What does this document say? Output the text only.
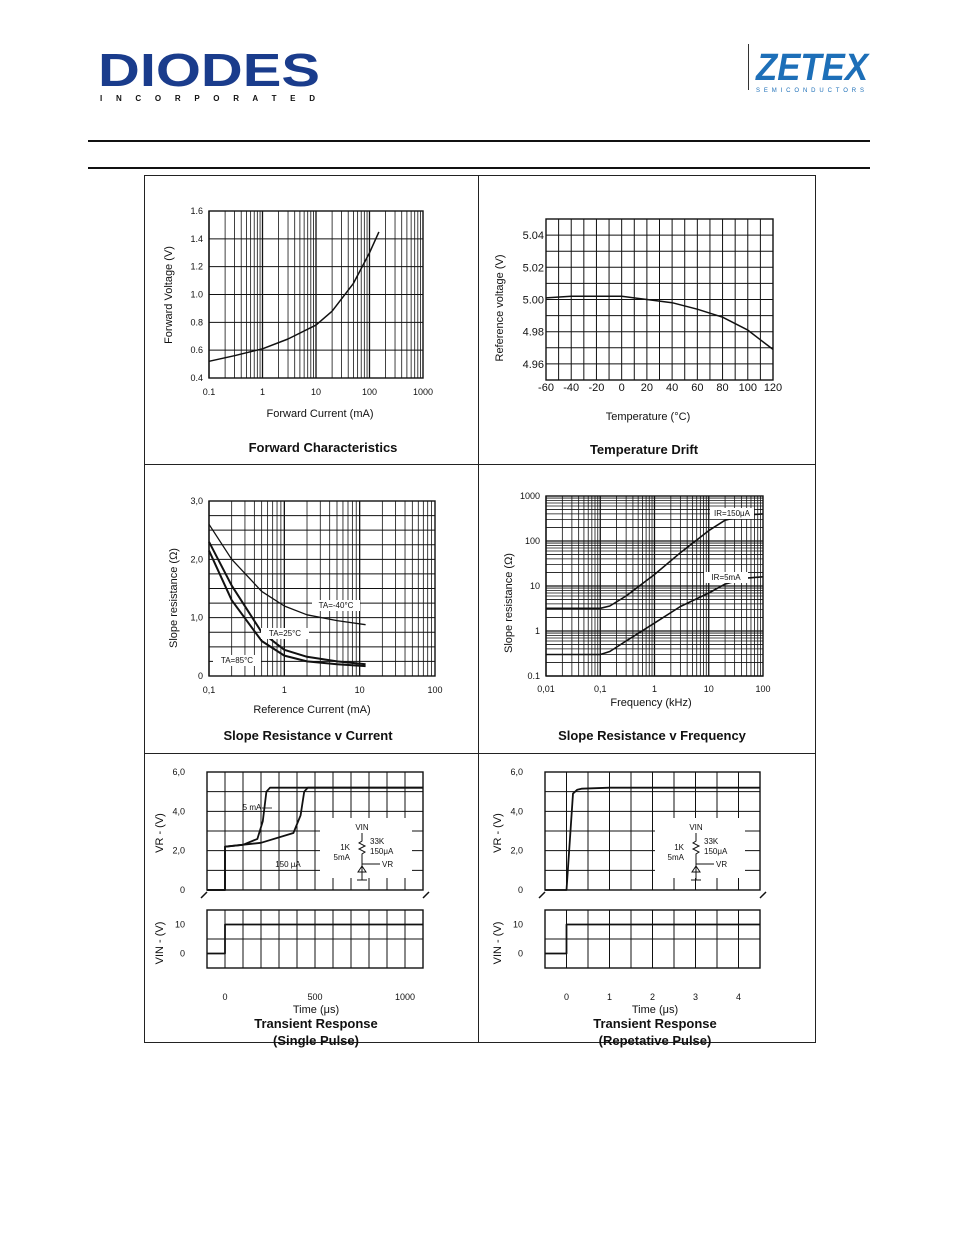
DIODES
I N C O R P O R A T E D
ZETEX
SEMICONDUCTORS
0.1	1	10	100	1000
0.4
0.6
0.8
1.0
1.2
1.4
1.6
Forward Current (mA)
Forward Voltage (V)
Forward Characteristics
-60 -40 -20 0 20 40 60 80 100 120
4.96
4.98
5.00
5.02
5.04
Temperature (°C)
Reference voltage (V)
Temperature Drift
0,1	1	10	100
0
1,0
2,0
3,0
TA=-40°C
TA=25°C
TA=85°C
Reference Current (mA)
Slope resistance (Ω)
Slope Resistance v Current
0,01	0,1	1	10	100
0.1
1
10
100
1000
IR=150μA
IR=5mA
Frequency (kHz)
Slope resistance (Ω)
Slope Resistance v Frequency
0	500	1000
0
2,0
4,0
6,0
0
10
VR - (V)
VIN - (V)
Time (μs)
Transient Response
(Single Pulse)
VIN
1K
5mA
33K
150μA
VR
5 mA
150 μA
0	1	2	3	4
0
2,0
4,0
6,0
0
10
VR - (V)
VIN - (V)
Time (μs)
Transient Response
(Repetative Pulse)
VIN
1K
5mA
33K
150μA
VR
